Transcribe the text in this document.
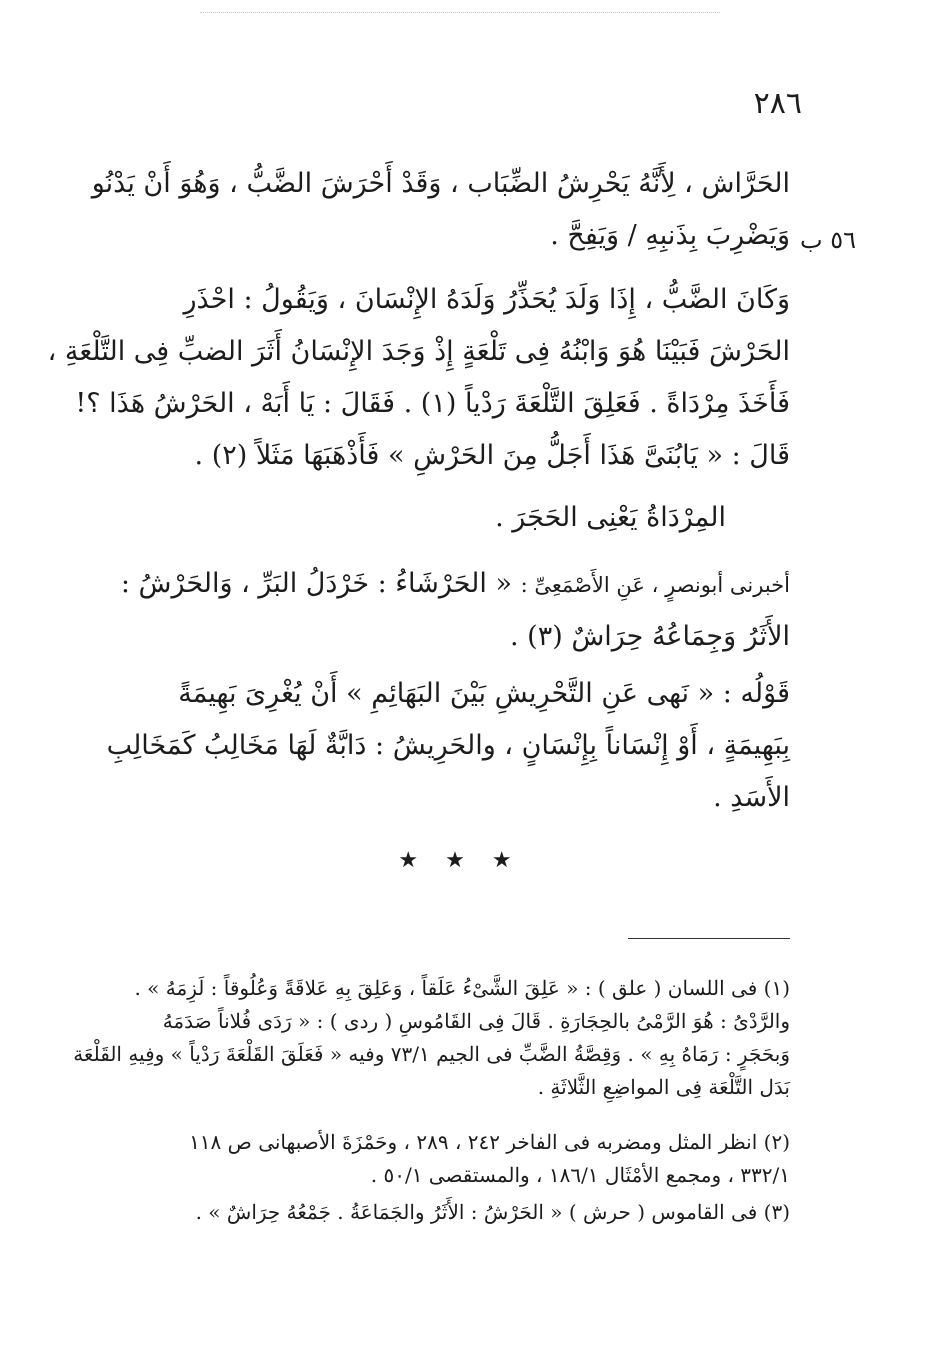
٢٨٦
الحَرَّاش ، لِأَنَّهُ يَحْرِشُ الضِّبَاب ، وَقَدْ أَحْرَشَ الضَّبُّ ، وَهُوَ أَنْ يَدْنُو
وَيَضْرِبَ بِذَنبِهِ / وَيَفِحَّ . ٥٦ ب
وَكَانَ الضَّبُّ ، إِذَا وَلَدَ يُحَذِّرُ وَلَدَهُ الإِنْسَانَ ، وَيَقُولُ : احْذَرِ
الحَرْشَ فَبَيْنَا هُوَ وَابْنُهُ فِى تَلْعَةٍ إِذْ وَجَدَ الإِنْسَانُ أَثَرَ الضبِّ فِى التَّلْعَةِ ،
فَأَخَذَ مِرْدَاةً . فَعَلِقَ التَّلْعَةَ رَدْياً (١) . فَقَالَ : يَا أَبَهْ ، الحَرْشُ هَذَا ؟!
قَالَ : « يَابُنَىَّ هَذَا أَجَلُّ مِنَ الحَرْشِ » فَأَذْهَبَهَا مَثَلاً (٢) .
المِرْدَاةُ يَعْنِى الحَجَرَ .
أخبرنى أبونصرٍ ، عَنِ الأَصْمَعِىِّ : « الحَرْشَاءُ : خَرْدَلُ البَرِّ ، وَالحَرْشُ :
الأَثَرُ وَجِمَاعُهُ حِرَاشٌ (٣) .
قَوْلُه : « نَهى عَنِ التَّحْرِيشِ بَيْنَ البَهَائِمِ » أَنْ يُغْرِىَ بَهِيمَةً
بِبَهِيمَةٍ ، أَوْ إِنْسَاناً بِإِنْسَانٍ ، والحَرِيشُ : دَابَّةٌ لَهَا مَخَالِبُ كَمَخَالِبِ
الأَسَدِ .
★ ★ ★
(١) فى اللسان ( علق ) : « عَلِقَ الشَّىْءُ عَلَقاً ، وَعَلِقَ بِهِ عَلاقَةً وَعُلُوقاً : لَزِمَهُ » .
والرَّدْىُ : هُوَ الرَّمْىُ بالحِجَارَةِ . قَالَ فِى القَامُوسِ ( ردى ) : « رَدَى فُلاناً صَدَمَهُ
وَبحَجَرٍ : رَمَاهُ بِهِ » . وَقِصَّةُ الضَّبِّ فى الجيم ٧٣/١ وفيه « فَعَلَقَ القَلْعَةَ رَدْياً » وفِيهِ القَلْعَة
بَدَل التَّلْعَة فِى المواضِعِ الثَّلاثَةِ .
(٢) انظر المثل ومضربه فى الفاخر ٢٤٢ ، ٢٨٩ ، وحَمْزَةَ الأصبهانى ص ١١٨
٣٣٢/١ ، ومجمع الأمْثَال ١٨٦/١ ، والمستقصى ٥٠/١ .
(٣) فى القاموس ( حرش ) « الحَرْشُ : الأَثَرُ والجَمَاعَةُ . جَمْعُهُ حِرَاشٌ » .
